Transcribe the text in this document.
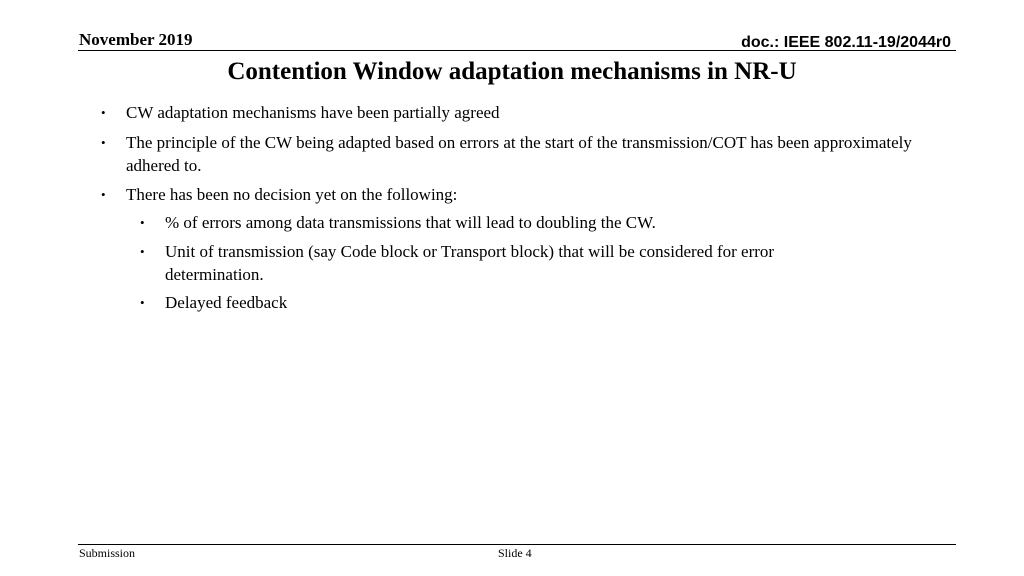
November 2019	doc.: IEEE 802.11-19/2044r0
Contention Window adaptation mechanisms in NR-U
• CW adaptation mechanisms have been partially agreed
• The principle of the CW being adapted based on errors at the start of the transmission/COT has been approximately adhered to.
• There has been no decision yet on the following:
• % of errors among data transmissions that will lead to doubling the CW.
• Unit of transmission (say Code block or Transport block) that will be considered for error determination.
• Delayed feedback
Submission	Slide 4
